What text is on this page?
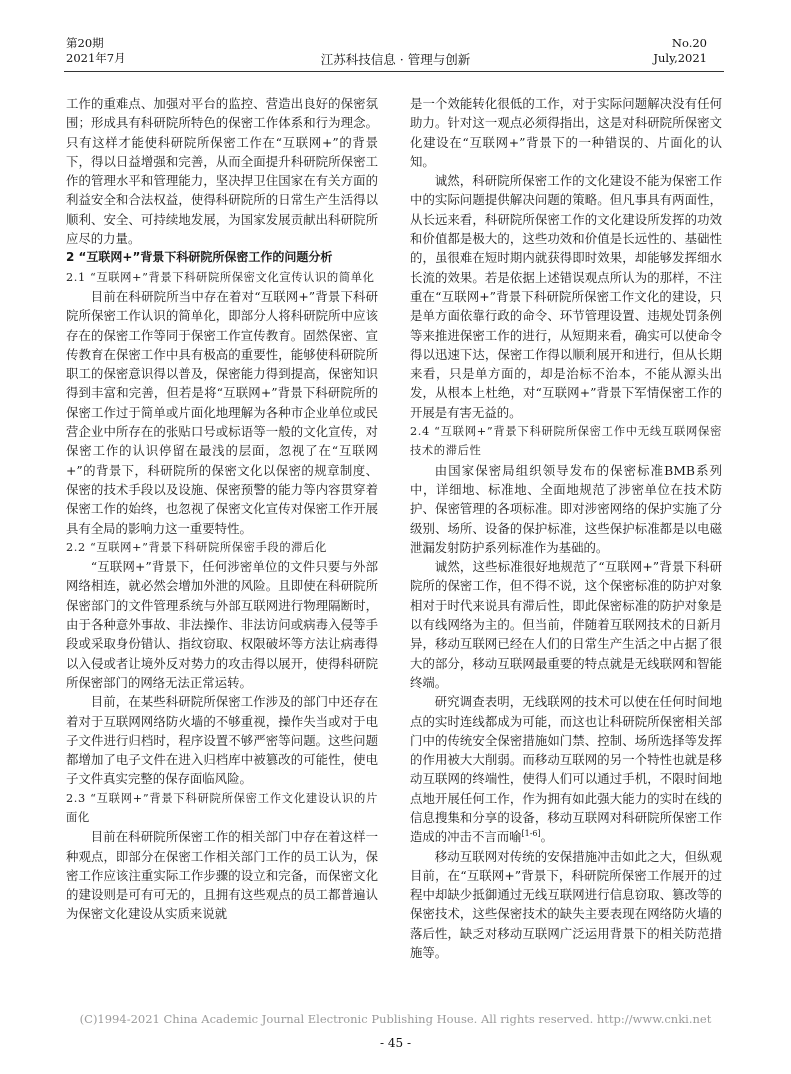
第20期
2021年7月	江苏科技信息 · 管理与创新
No.20
July,2021

工作的重难点、加强对平台的监控、营造出良好的保密氛围；形成具有科研院所特色的保密工作体系和行为理念。只有这样才能使科研院所保密工作在“互联网+”的背景下，得以日益增强和完善，从而全面提升科研院所保密工作的管理水平和管理能力，坚决捍卫住国家在有关方面的利益安全和合法权益，使得科研院所的日常生产生活得以顺利、安全、可持续地发展，为国家发展贡献出科研院所应尽的力量。

2 “互联网+”背景下科研院所保密工作的问题分析
2.1 “互联网+”背景下科研院所保密文化宣传认识的简单化

目前在科研院所当中存在着对“互联网+”背景下科研院所保密工作认识的简单化，即部分人将科研院所中应该存在的保密工作等同于保密工作宣传教育。固然保密、宣传教育在保密工作中具有极高的重要性，能够使科研院所职工的保密意识得以普及，保密能力得到提高，保密知识得到丰富和完善，但若是将“互联网+”背景下科研院所的保密工作过于简单或片面化地理解为各种市企业单位或民营企业中所存在的张贴口号或标语等一般的文化宣传，对保密工作的认识停留在最浅的层面，忽视了在“互联网+”的背景下，科研院所的保密文化以保密的规章制度、保密的技术手段以及设施、保密预警的能力等内容贯穿着保密工作的始终，也忽视了保密文化宣传对保密工作开展具有全局的影响力这一重要特性。

2.2 “互联网+”背景下科研院所保密手段的滞后化

“互联网+”背景下，任何涉密单位的文件只要与外部网络相连，就必然会增加外泄的风险。且即使在科研院所保密部门的文件管理系统与外部互联网进行物理隔断时，由于各种意外事故、非法操作、非法访问或病毒入侵等手段或采取身份错认、指纹窃取、权限破坏等方法让病毒得以入侵或者让境外反对势力的攻击得以展开，使得科研院所保密部门的网络无法正常运转。

目前，在某些科研院所保密工作涉及的部门中还存在着对于互联网网络防火墙的不够重视，操作失当或对于电子文件进行归档时，程序设置不够严密等问题。这些问题都增加了电子文件在进入归档库中被篡改的可能性，使电子文件真实完整的保存面临风险。

2.3 “互联网+”背景下科研院所保密工作文化建设认识的片面化

目前在科研院所保密工作的相关部门中存在着这样一种观点，即部分在保密工作相关部门工作的员工认为，保密工作应该注重实际工作步骤的设立和完备，而保密文化的建设则是可有可无的，且拥有这些观点的员工都普遍认为保密文化建设从实质来说就

是一个效能转化很低的工作，对于实际问题解决没有任何助力。针对这一观点必须得指出，这是对科研院所保密文化建设在“互联网+”背景下的一种错误的、片面化的认知。

诚然，科研院所保密工作的文化建设不能为保密工作中的实际问题提供解决问题的策略。但凡事具有两面性，从长远来看，科研院所保密工作的文化建设所发挥的功效和价值都是极大的，这些功效和价值是长远性的、基础性的，虽很难在短时期内就获得即时效果，却能够发挥细水长流的效果。若是依据上述错误观点所认为的那样，不注重在“互联网+”背景下科研院所保密工作文化的建设，只是单方面依靠行政的命令、环节管理设置、违规处罚条例等来推进保密工作的进行，从短期来看，确实可以使命令得以迅速下达，保密工作得以顺利展开和进行，但从长期来看，只是单方面的，却是治标不治本，不能从源头出发，从根本上杜绝，对“互联网+”背景下军情保密工作的开展是有害无益的。

2.4 “互联网+”背景下科研院所保密工作中无线互联网保密技术的滞后性

由国家保密局组织领导发布的保密标准BMB系列中，详细地、标准地、全面地规范了涉密单位在技术防护、保密管理的各项标准。即对涉密网络的保护实施了分级别、场所、设备的保护标准，这些保护标准都是以电磁泄漏发射防护系列标准作为基础的。

诚然，这些标准很好地规范了“互联网+”背景下科研院所的保密工作，但不得不说，这个保密标准的防护对象相对于时代来说具有滞后性，即此保密标准的防护对象是以有线网络为主的。但当前，伴随着互联网技术的日新月异，移动互联网已经在人们的日常生产生活之中占据了很大的部分，移动互联网最重要的特点就是无线联网和智能终端。

研究调查表明，无线联网的技术可以使在任何时间地点的实时连线都成为可能，而这也让科研院所保密相关部门中的传统安全保密措施如门禁、控制、场所选择等发挥的作用被大大削弱。而移动互联网的另一个特性也就是移动互联网的终端性，使得人们可以通过手机，不限时间地点地开展任何工作，作为拥有如此强大能力的实时在线的信息搜集和分享的设备，移动互联网对科研院所保密工作造成的冲击不言而喻[1-6]。

移动互联网对传统的安保措施冲击如此之大，但纵观目前，在“互联网+”背景下，科研院所保密工作展开的过程中却缺少抵御通过无线互联网进行信息窃取、篡改等的保密技术，这些保密技术的缺失主要表现在网络防火墙的落后性，缺乏对移动互联网广泛运用背景下的相关防范措施等。

(C)1994-2021 China Academic Journal Electronic Publishing House. All rights reserved. http://www.cnki.net
- 45 -
